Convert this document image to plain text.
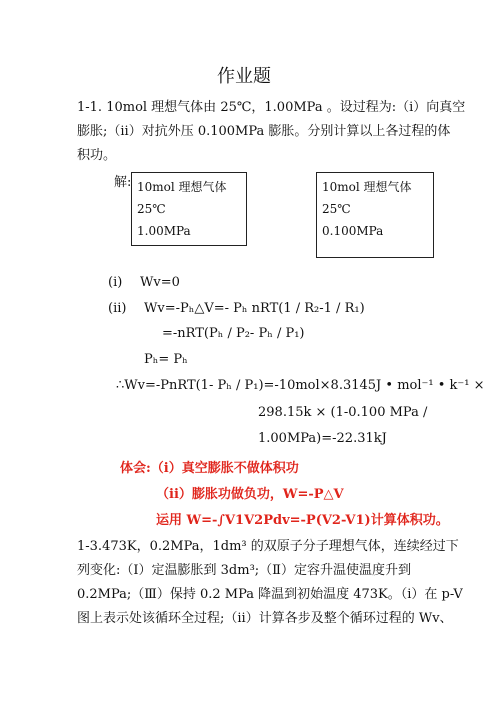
作业题
1-1. 10mol 理想气体由 25℃，1.00MPa 。设过程为:（i）向真空
膨胀;（ii）对抗外压 0.100MPa 膨胀。分别计算以上各过程的体
积功。
解: 10mol 理想气体
25℃
1.00MPa
10mol 理想气体
25℃
0.100MPa
(i) Wv=0
(ii) Wv=-Pₕ△V=- Pₕ nRT(1 / R₂-1 / R₁)
=-nRT(Pₕ / P₂- Pₕ / P₁)
Pₕ= Pₕ
∴Wv=-PnRT(1- Pₕ / P₁)=-10mol×8.3145J • mol⁻¹ • k⁻¹ ×
298.15k × (1-0.100 MPa /
1.00MPa)=-22.31kJ
体会:（i）真空膨胀不做体积功
（ii）膨胀功做负功，W=-P△V
运用 W=-∫V1V2Pdv=-P(V2-V1)计算体积功。
1-3.473K，0.2MPa，1dm³ 的双原子分子理想气体，连续经过下
列变化:（Ⅰ）定温膨胀到 3dm³;（Ⅱ）定容升温使温度升到
0.2MPa;（Ⅲ）保持 0.2 MPa 降温到初始温度 473K。（i）在 p-V
图上表示处该循环全过程;（ii）计算各步及整个循环过程的 Wv、
